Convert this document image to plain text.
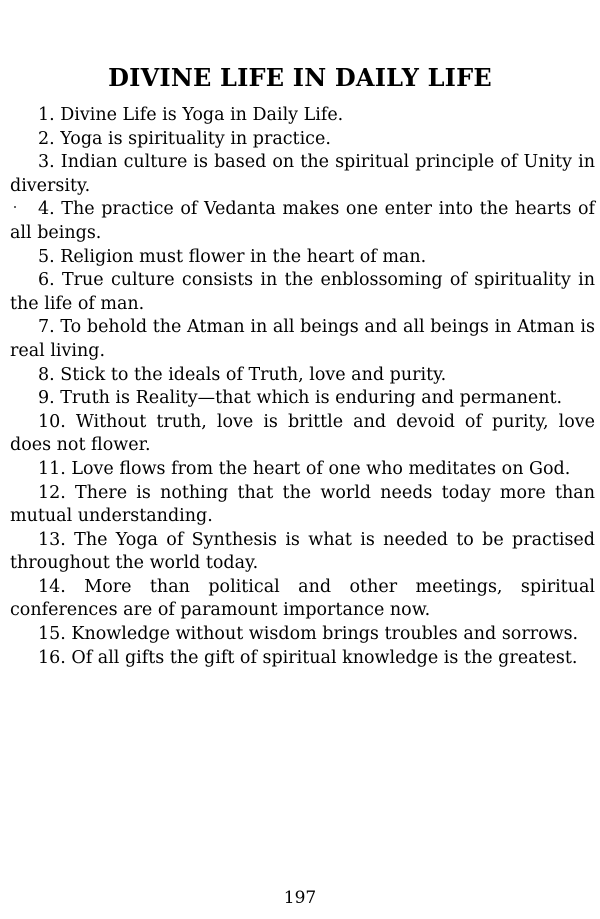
DIVINE LIFE IN DAILY LIFE

1. Divine Life is Yoga in Daily Life.

2. Yoga is spirituality in practice.

3. Indian culture is based on the spiritual principle of Unity in diversity.

4. The practice of Vedanta makes one enter into the hearts of all beings.

5. Religion must flower in the heart of man.

6. True culture consists in the enblossoming of spirituality in the life of man.

7. To behold the Atman in all beings and all beings in Atman is real living.

8. Stick to the ideals of Truth, love and purity.

9. Truth is Reality—that which is enduring and permanent.

10. Without truth, love is brittle and devoid of purity, love does not flower.

11. Love flows from the heart of one who meditates on God.

12. There is nothing that the world needs today more than mutual understanding.

13. The Yoga of Synthesis is what is needed to be practised throughout the world today.

14. More than political and other meetings, spiritual conferences are of paramount importance now.

15. Knowledge without wisdom brings troubles and sorrows.

16. Of all gifts the gift of spiritual knowledge is the greatest.

197
